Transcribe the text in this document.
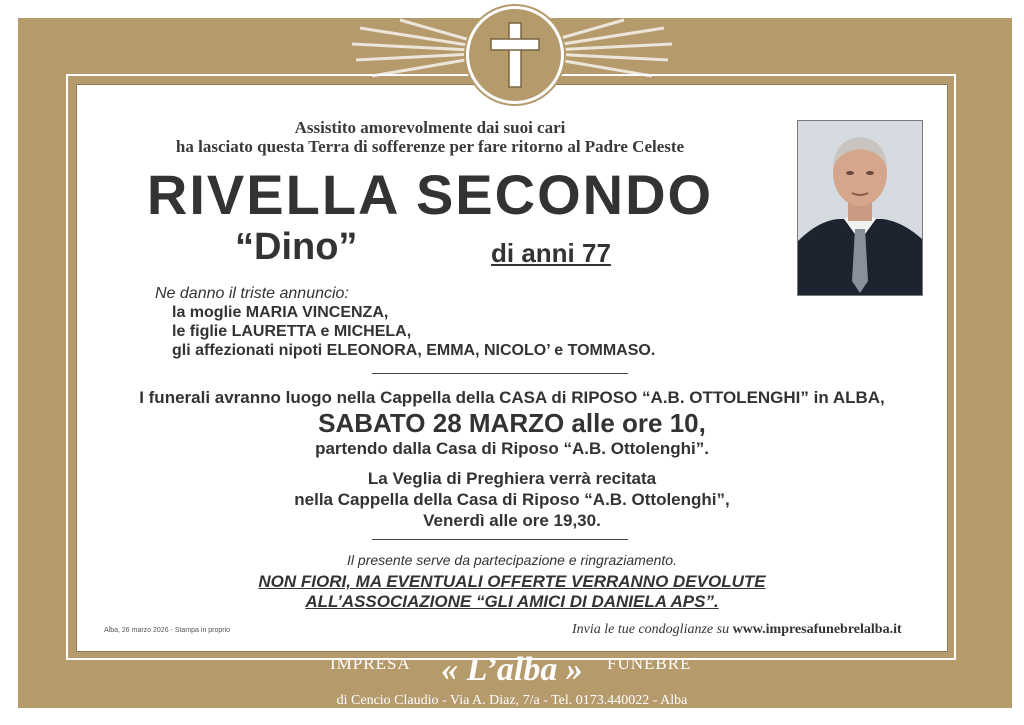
Assistito amorevolmente dai suoi cari
ha lasciato questa Terra di sofferenze per fare ritorno al Padre Celeste
RIVELLA SECONDO
“Dino”	di anni 77
Ne danno il triste annuncio:
la moglie MARIA VINCENZA,
le figlie LAURETTA e MICHELA,
gli affezionati nipoti ELEONORA, EMMA, NICOLO’ e TOMMASO.
I funerali avranno luogo nella Cappella della CASA di RIPOSO “A.B. OTTOLENGHI” in ALBA,
SABATO 28 MARZO alle ore 10,
partendo dalla Casa di Riposo “A.B. Ottolenghi”.
La Veglia di Preghiera verrà recitata
nella Cappella della Casa di Riposo “A.B. Ottolenghi”,
Venerdì alle ore 19,30.
Il presente serve da partecipazione e ringraziamento.
NON FIORI, MA EVENTUALI OFFERTE VERRANNO DEVOLUTE
ALL’ASSOCIAZIONE “GLI AMICI DI DANIELA APS”.
Alba, 26 marzo 2026 - Stampa in proprio	Invia le tue condoglianze su www.impresafunebrelalba.it
IMPRESA	FUNEBRE
« L’alba »
di Cencio Claudio - Via A. Diaz, 7/a - Tel. 0173.440022 - Alba
